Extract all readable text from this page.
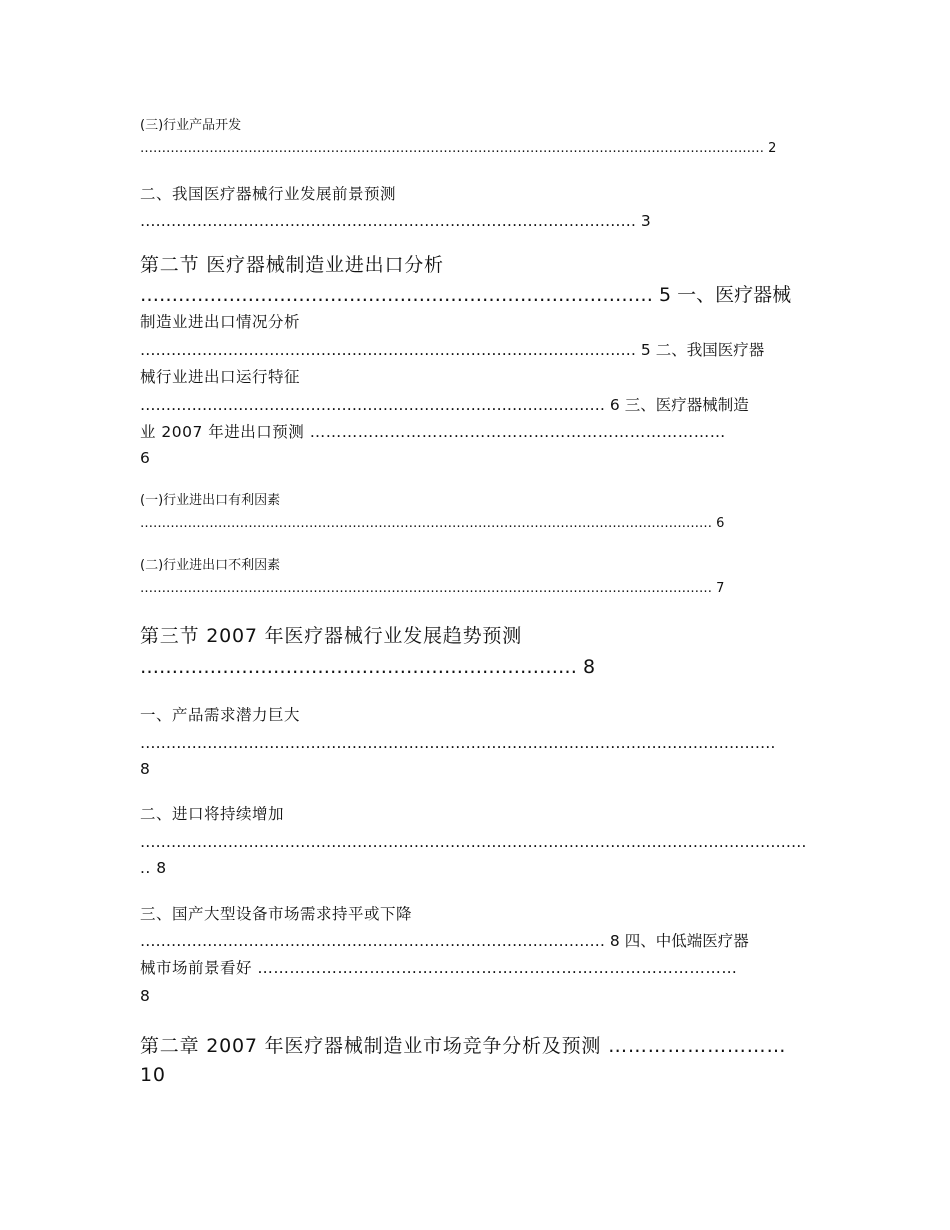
(三)行业产品开发

……………………………………………………………………………………………………………………………… 2

二、我国医疗器械行业发展前景预测

…………………………………………………………………………………… 3

第二节 医疗器械制造业进出口分析

……………………………………………………………………… 5 一、医疗器械

制造业进出口情况分析

…………………………………………………………………………………… 5 二、我国医疗器

械行业进出口运行特征

……………………………………………………………………………… 6 三、医疗器械制造

业 2007 年进出口预测 ……………………………………………………………………

6

(一)行业进出口有利因素

…………………………………………………………………………………………………………………… 6

(二)行业进出口不利因素

…………………………………………………………………………………………………………………… 7

第三节 2007 年医疗器械行业发展趋势预测

…………………………………………………………… 8

一、产品需求潜力巨大

……………………………………………………………………………………………………………

8

二、进口将持续增加

…………………………………………………………………………………………………………………

.. 8

三、国产大型设备市场需求持平或下降

……………………………………………………………………………… 8 四、中低端医疗器

械市场前景看好 ………………………………………………………………………………

8

第二章 2007 年医疗器械制造业市场竞争分析及预测 ………………………

10
